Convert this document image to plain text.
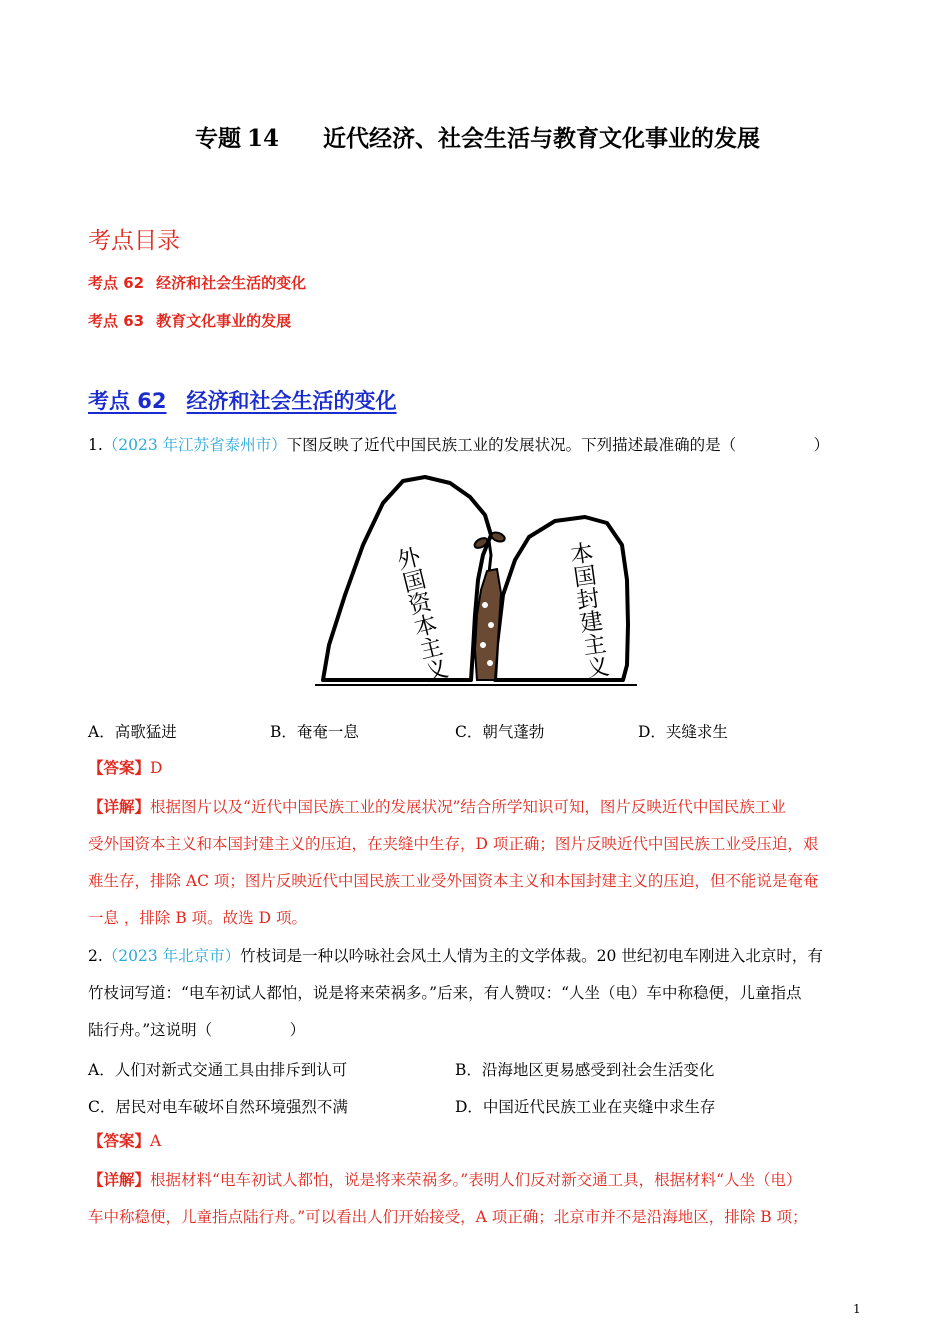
专题 14 近代经济、社会生活与教育文化事业的发展
考点目录
考点 62 经济和社会生活的变化
考点 63 教育文化事业的发展
考点 62 经济和社会生活的变化
1.（2023 年江苏省泰州市）下图反映了近代中国民族工业的发展状况。下列描述最准确的是（　　　　　）
外
国
资
本
主
义
本
国
封
建
主
义
A．高歌猛进	B．奄奄一息	C．朝气蓬勃	D．夹缝求生
【答案】D
【详解】根据图片以及“近代中国民族工业的发展状况”结合所学知识可知，图片反映近代中国民族工业
受外国资本主义和本国封建主义的压迫，在夹缝中生存，D 项正确；图片反映近代中国民族工业受压迫，艰
难生存，排除 AC 项；图片反映近代中国民族工业受外国资本主义和本国封建主义的压迫，但不能说是奄奄
一息 ，排除 B 项。故选 D 项。
2.（2023 年北京市）竹枝词是一种以吟咏社会风土人情为主的文学体裁。20 世纪初电车刚进入北京时，有
竹枝词写道：“电车初试人都怕，说是将来荣祸多。”后来，有人赞叹：“人坐（电）车中称稳便，儿童指点
陆行舟。”这说明（　　　　　）
A．人们对新式交通工具由排斥到认可	B．沿海地区更易感受到社会生活变化
C．居民对电车破坏自然环境强烈不满	D．中国近代民族工业在夹缝中求生存
【答案】A
【详解】根据材料“电车初试人都怕，说是将来荣祸多。”表明人们反对新交通工具，根据材料“人坐（电）
车中称稳便，儿童指点陆行舟。”可以看出人们开始接受，A 项正确；北京市并不是沿海地区，排除 B 项；
1
